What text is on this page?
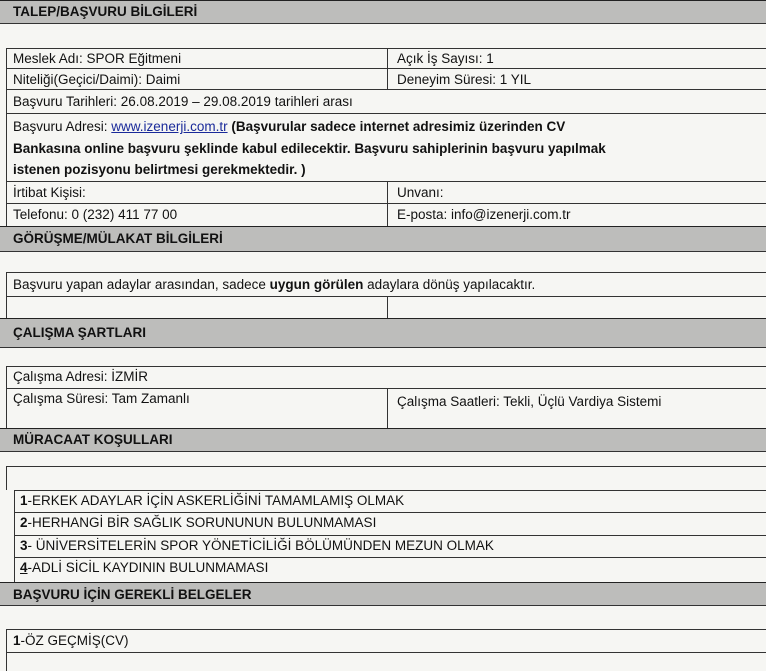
TALEP/BAŞVURU BİLGİLERİ
Meslek Adı: SPOR Eğitmeni	Açık İş Sayısı: 1
Niteliği(Geçici/Daimi): Daimi	Deneyim Süresi: 1 YIL
Başvuru Tarihleri: 26.08.2019 – 29.08.2019 tarihleri arası
Başvuru Adresi: www.izenerji.com.tr (Başvurular sadece internet adresimiz üzerinden CV
Bankasına online başvuru şeklinde kabul edilecektir. Başvuru sahiplerinin başvuru yapılmak
istenen pozisyonu belirtmesi gerekmektedir. )
İrtibat Kişisi:	Unvanı:
Telefonu: 0 (232) 411 77 00	E-posta: info@izenerji.com.tr
GÖRÜŞME/MÜLAKAT BİLGİLERİ
Başvuru yapan adaylar arasından, sadece uygun görülen adaylara dönüş yapılacaktır.
ÇALIŞMA ŞARTLARI
Çalışma Adresi: İZMİR
Çalışma Süresi: Tam Zamanlı	Çalışma Saatleri: Tekli, Üçlü Vardiya Sistemi
MÜRACAAT KOŞULLARI
1-ERKEK ADAYLAR İÇİN ASKERLİĞİNİ TAMAMLAMIŞ OLMAK
2-HERHANGİ BİR SAĞLIK SORUNUNUN BULUNMAMASI
3- ÜNİVERSİTELERİN SPOR YÖNETİCİLİĞİ BÖLÜMÜNDEN MEZUN OLMAK
4-ADLİ SİCİL KAYDININ BULUNMAMASI
BAŞVURU İÇİN GEREKLİ BELGELER
1-ÖZ GEÇMİŞ(CV)
